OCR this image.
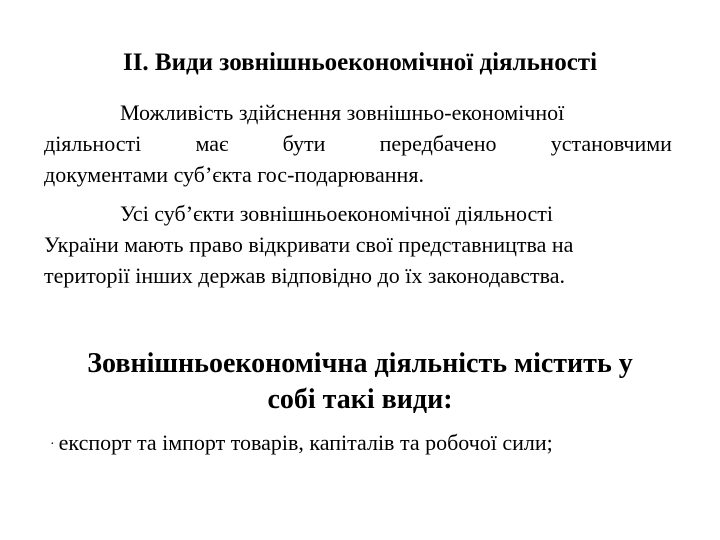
II. Види зовнішньоекономічної діяльності
Можливість здійснення зовнішньо-економічної
діяльності має бути передбачено установчими
документами суб’єкта гос-подарювання.
Усі суб’єкти зовнішньоекономічної діяльності
України мають право відкривати свої представництва на
території інших держав відповідно до їх законодавства.
Зовнішньоекономічна діяльність містить у
собі такі види:
· експорт та імпорт товарів, капіталів та робочої сили;
